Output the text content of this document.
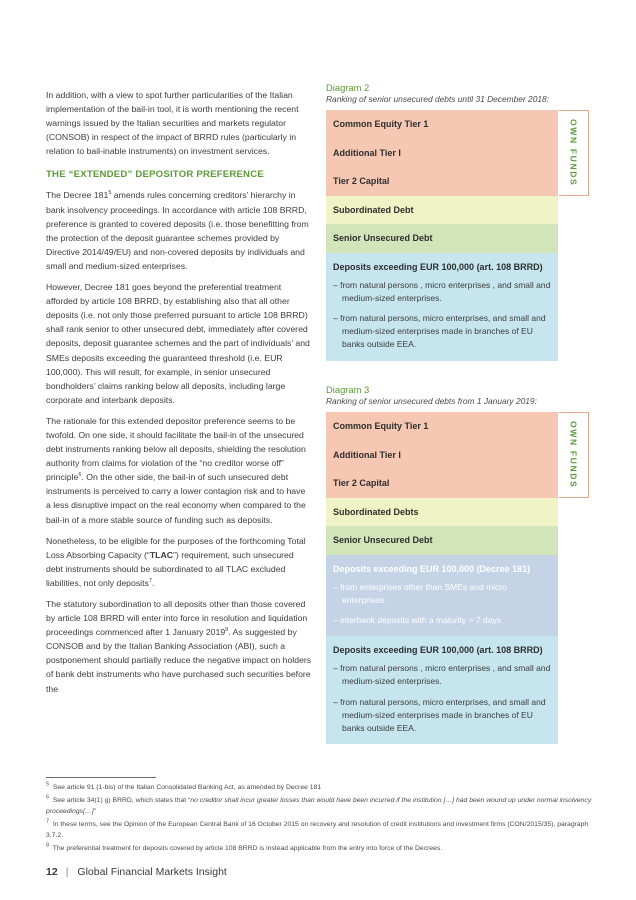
In addition, with a view to spot further particularities of the Italian implementation of the bail-in tool, it is worth mentioning the recent warnings issued by the Italian securities and markets regulator (CONSOB) in respect of the impact of BRRD rules (particularly in relation to bail-inable instruments) on investment services.

THE “EXTENDED” DEPOSITOR PREFERENCE

The Decree $181^5$ amends rules concerning creditors’ hierarchy in bank insolvency proceedings. In accordance with article 108 BRRD, preference is granted to covered deposits (i.e. those benefitting from the protection of the deposit guarantee schemes provided by Directive 2014/49/EU) and non-covered deposits by individuals and small and medium-sized enterprises.

However, Decree 181 goes beyond the preferential treatment afforded by article 108 BRRD, by establishing also that all other deposits (i.e. not only those preferred pursuant to article 108 BRRD) shall rank senior to other unsecured debt, immediately after covered deposits, deposit guarantee schemes and the part of individuals’ and SMEs deposits exceeding the guaranteed threshold (i.e. EUR 100,000). This will result, for example, in senior unsecured bondholders’ claims ranking below all deposits, including large corporate and interbank deposits.

The rationale for this extended depositor preference seems to be twofold. On one side, it should facilitate the bail-in of the unsecured debt instruments ranking below all deposits, shielding the resolution authority from claims for violation of the “no creditor worse off” principle$^6$. On the other side, the bail-in of such unsecured debt instruments is perceived to carry a lower contagion risk and to have a less disruptive impact on the real economy when compared to the bail-in of a more stable source of funding such as deposits.

Nonetheless, to be eligible for the purposes of the forthcoming Total Loss Absorbing Capacity (“TLAC”) requirement, such unsecured debt instruments should be subordinated to all TLAC excluded liabilities, not only deposits$^7$.

The statutory subordination to all deposits other than those covered by article 108 BRRD will enter into force in resolution and liquidation proceedings commenced after 1 January 2019$^8$. As suggested by CONSOB and by the Italian Banking Association (ABI), such a postponement should partially reduce the negative impact on holders of bank debt instruments who have purchased such securities before the

Diagram 2
Ranking of senior unsecured debts until 31 December 2018:
Common Equity Tier 1
Additional Tier I
Tier 2 Capital
Subordinated Debt
Senior Unsecured Debt
Deposits exceeding EUR 100,000 (art. 108 BRRD)
– from natural persons , micro enterprises , and small and medium-sized enterprises.
– from natural persons, micro enterprises, and small and medium-sized enterprises made in branches of EU banks outside EEA.
OWN FUNDS
Diagram 3
Ranking of senior unsecured debts from 1 January 2019:
Common Equity Tier 1
Additional Tier I
Tier 2 Capital
Subordinated Debts
Senior Unsecured Debt
Deposits exceeding EUR 100,000 (Decree 181)
– from enterprises other than SMEs and micro enterprises.
– interbank deposits with a maturity > 7 days
Deposits exceeding EUR 100,000 (art. 108 BRRD)
– from natural persons , micro enterprises , and small and medium-sized enterprises.
– from natural persons, micro enterprises, and small and medium-sized enterprises made in branches of EU banks outside EEA.
OWN FUNDS
$^5$ See article 91 (1-bis) of the Italian Consolidated Banking Act, as amended by Decree 181
$^6$ See article 34(1) g) BRRD, which states that “no creditor shall incur greater losses than would have been incurred if the institution […] had been wound up under normal insolvency proceedings[…]”
$^7$ In these terms, see the Opinion of the European Central Bank of 16 October 2015 on recovery and resolution of credit institutions and investment firms (CON/2015/35), paragraph 3.7.2.
$^8$ The preferential treatment for deposits covered by article 108 BRRD is instead applicable from the entry into force of the Decrees.
12 | Global Financial Markets Insight
